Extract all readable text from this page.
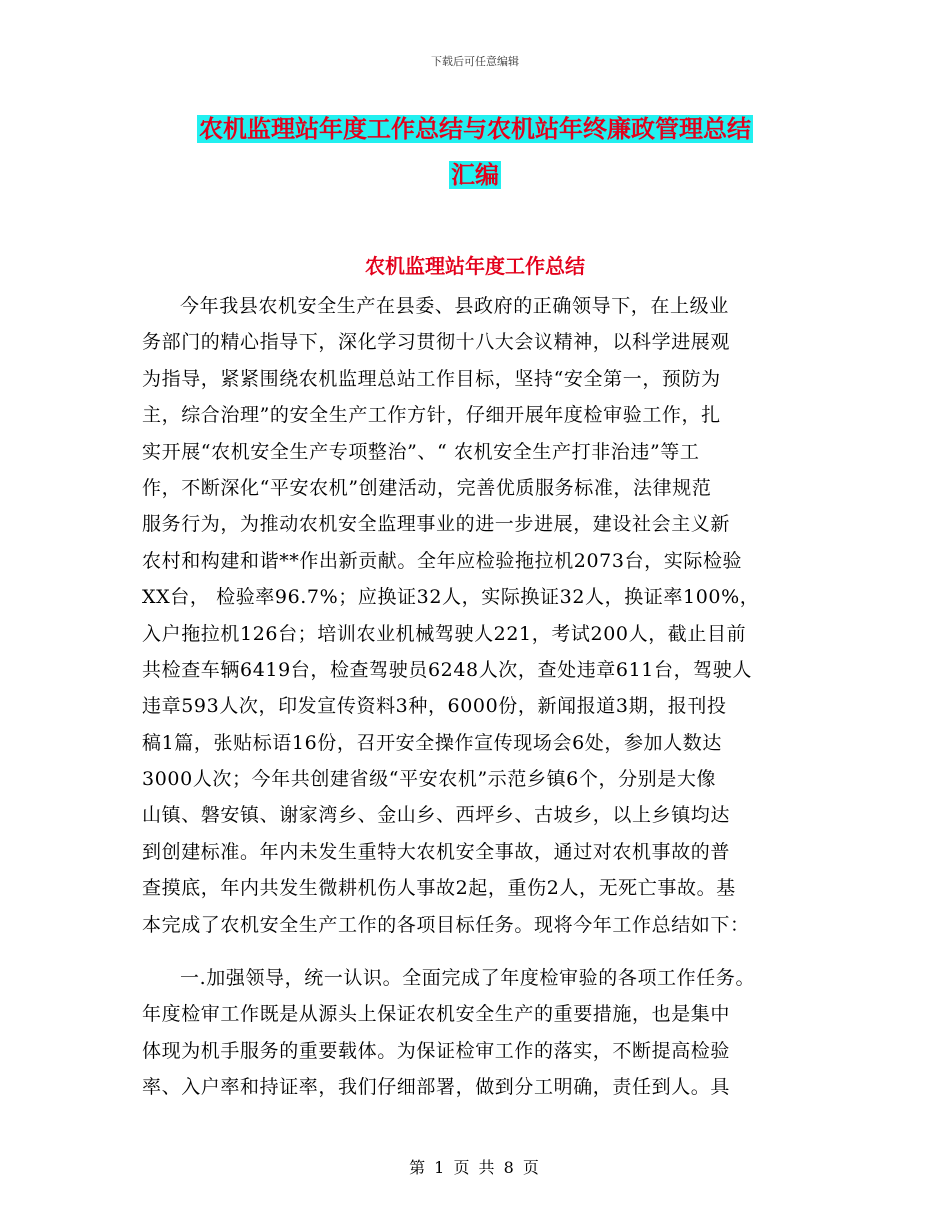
下载后可任意编辑
农机监理站年度工作总结与农机站年终廉政管理总结
汇编
农机监理站年度工作总结
今年我县农机安全生产在县委、县政府的正确领导下，在上级业
务部门的精心指导下，深化学习贯彻十八大会议精神，以科学进展观
为指导，紧紧围绕农机监理总站工作目标，坚持“安全第一，预防为
主，综合治理”的安全生产工作方针，仔细开展年度检审验工作，扎
实开展“农机安全生产专项整治”、“ 农机安全生产打非治违”等工
作，不断深化“平安农机”创建活动，完善优质服务标准，法律规范
服务行为，为推动农机安全监理事业的进一步进展，建设社会主义新
农村和构建和谐**作出新贡献。全年应检验拖拉机2073台，实际检验
XX台， 检验率96.7%；应换证32人，实际换证32人，换证率100%，
入户拖拉机126台；培训农业机械驾驶人221，考试200人，截止目前
共检查车辆6419台，检查驾驶员6248人次，查处违章611台，驾驶人
违章593人次，印发宣传资料3种，6000份，新闻报道3期，报刊投
稿1篇，张贴标语16份，召开安全操作宣传现场会6处，参加人数达
3000人次；今年共创建省级“平安农机”示范乡镇6个，分别是大像
山镇、磐安镇、谢家湾乡、金山乡、西坪乡、古坡乡，以上乡镇均达
到创建标准。年内未发生重特大农机安全事故，通过对农机事故的普
查摸底，年内共发生微耕机伤人事故2起，重伤2人，无死亡事故。基
本完成了农机安全生产工作的各项目标任务。现将今年工作总结如下：
一.加强领导，统一认识。全面完成了年度检审验的各项工作任务。
年度检审工作既是从源头上保证农机安全生产的重要措施，也是集中
体现为机手服务的重要载体。为保证检审工作的落实，不断提高检验
率、入户率和持证率，我们仔细部署，做到分工明确，责任到人。具
第 1 页 共 8 页
